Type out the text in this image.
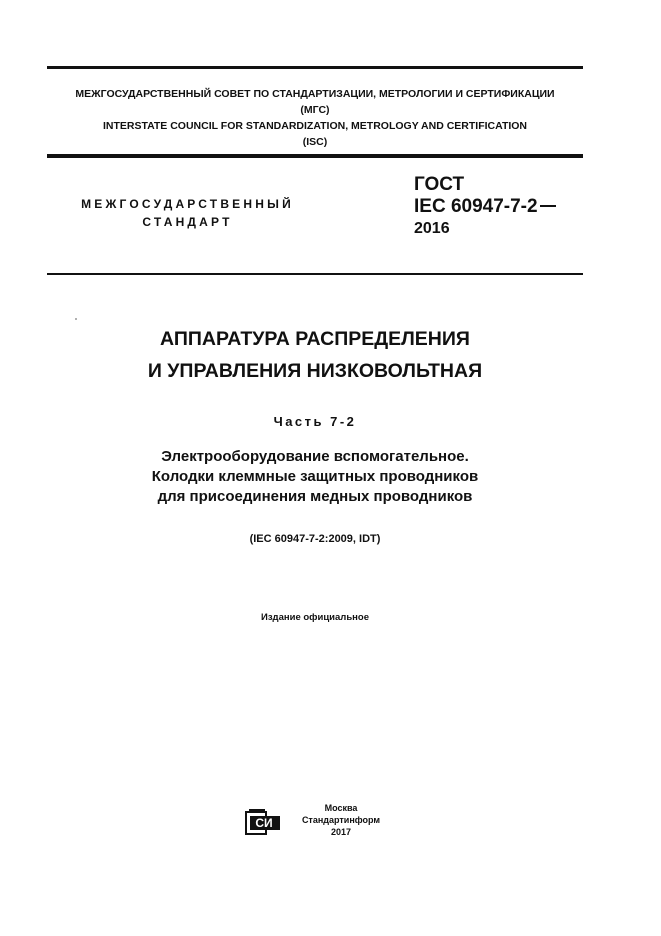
МЕЖГОСУДАРСТВЕННЫЙ СОВЕТ ПО СТАНДАРТИЗАЦИИ, МЕТРОЛОГИИ И СЕРТИФИКАЦИИ
(МГС)
INTERSTATE COUNCIL FOR STANDARDIZATION, METROLOGY AND CERTIFICATION
(ISC)
МЕЖГОСУДАРСТВЕННЫЙ
СТАНДАРТ
ГОСТ
IEC 60947-7-2
2016
АППАРАТУРА РАСПРЕДЕЛЕНИЯ
И УПРАВЛЕНИЯ НИЗКОВОЛЬТНАЯ
Часть 7-2
Электрооборудование вспомогательное.
Колодки клеммные защитных проводников
для присоединения медных проводников
(IEC 60947-7-2:2009, IDT)
Издание официальное
СИ
Москва
Стандартинформ
2017
